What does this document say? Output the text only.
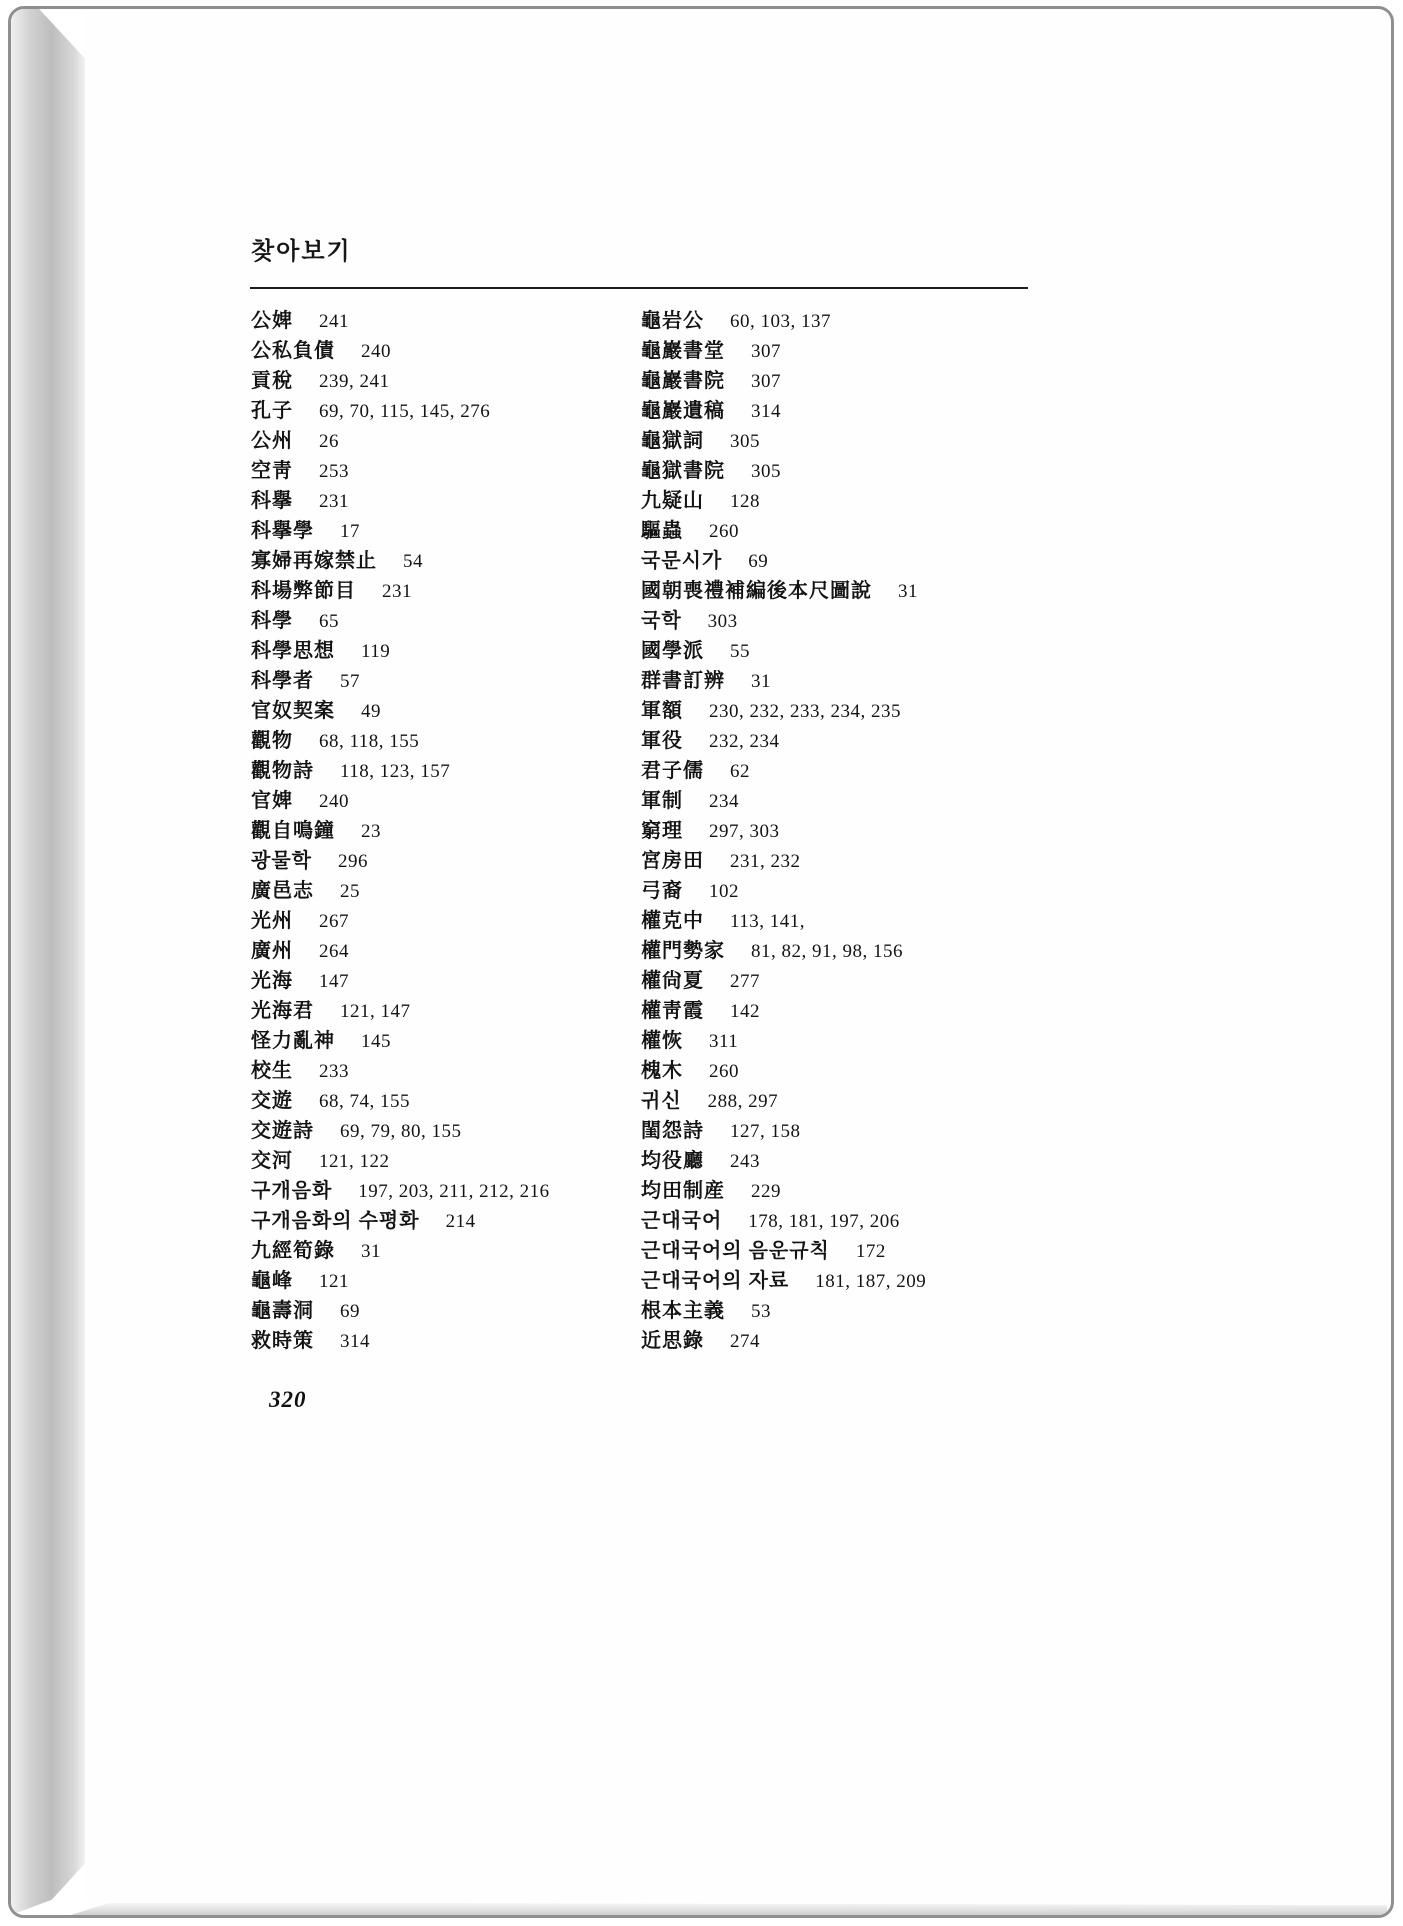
찾아보기
公婢 241
公私負債 240
貢稅 239, 241
孔子 69, 70, 115, 145, 276
公州 26
空靑 253
科擧 231
科擧學 17
寡婦再嫁禁止 54
科場弊節目 231
科學 65
科學思想 119
科學者 57
官奴契案 49
觀物 68, 118, 155
觀物詩 118, 123, 157
官婢 240
觀自鳴鐘 23
광물학 296
廣邑志 25
光州 267
廣州 264
光海 147
光海君 121, 147
怪力亂神 145
校生 233
交遊 68, 74, 155
交遊詩 69, 79, 80, 155
交河 121, 122
구개음화 197, 203, 211, 212, 216
구개음화의 수평화 214
九經筍錄 31
龜峰 121
龜壽洞 69
救時策 314
龜岩公 60, 103, 137
龜巖書堂 307
龜巖書院 307
龜巖遺稿 314
龜獄詞 305
龜獄書院 305
九疑山 128
驅蟲 260
국문시가 69
國朝喪禮補編後本尺圖說 31
국학 303
國學派 55
群書訂辨 31
軍額 230, 232, 233, 234, 235
軍役 232, 234
君子儒 62
軍制 234
窮理 297, 303
宮房田 231, 232
弓裔 102
權克中 113, 141,
權門勢家 81, 82, 91, 98, 156
權尙夏 277
權靑霞 142
權恢 311
槐木 260
귀신 288, 297
閨怨詩 127, 158
均役廳 243
均田制産 229
근대국어 178, 181, 197, 206
근대국어의 음운규칙 172
근대국어의 자료 181, 187, 209
根本主義 53
近思錄 274
320
